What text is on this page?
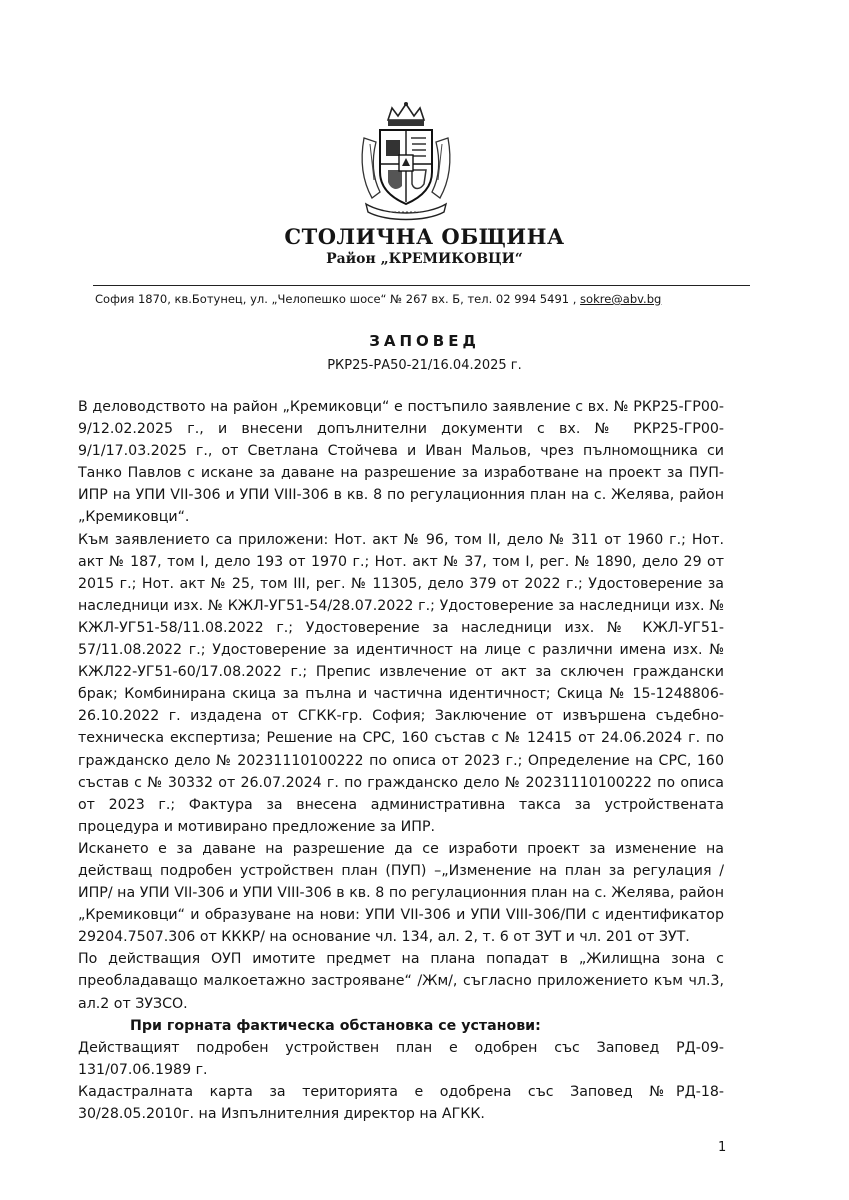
СТОЛИЧНА ОБЩИНА
Район „КРЕМИКОВЦИ“
София 1870, кв.Ботунец, ул. „Челопешко шосе“ № 267 вх. Б, тел. 02 994 5491 , sokre@abv.bg
ЗАПОВЕД
РКР25-РА50-21/16.04.2025 г.

В деловодството на район „Кремиковци“ е постъпило заявление с вх. № РКР25-ГР00-9/12.02.2025 г., и внесени допълнителни документи с вх. № РКР25-ГР00-9/1/17.03.2025 г., от Светлана Стойчева и Иван Мальов, чрез пълномощника си Танко Павлов с искане за даване на разрешение за изработване на проект за ПУП-ИПР на УПИ VII-306 и УПИ VIII-306 в кв. 8 по регулационния план на с. Желява, район „Кремиковци“.

Към заявлението са приложени: Нот. акт № 96, том II, дело № 311 от 1960 г.; Нот. акт № 187, том I, дело 193 от 1970 г.; Нот. акт № 37, том I, рег. № 1890, дело 29 от 2015 г.; Нот. акт № 25, том III, рег. № 11305, дело 379 от 2022 г.; Удостоверение за наследници изх. № КЖЛ-УГ51-54/28.07.2022 г.; Удостоверение за наследници изх. № КЖЛ-УГ51-58/11.08.2022 г.; Удостоверение за наследници изх. № КЖЛ-УГ51-57/11.08.2022 г.; Удостоверение за идентичност на лице с различни имена изх. № КЖЛ22-УГ51-60/17.08.2022 г.; Препис извлечение от акт за сключен граждански брак; Комбинирана скица за пълна и частична идентичност; Скица № 15-1248806-26.10.2022 г. издадена от СГКК-гр. София; Заключение от извършена съдебно-техническа експертиза; Решение на СРС, 160 състав с № 12415 от 24.06.2024 г. по гражданско дело № 20231110100222 по описа от 2023 г.; Определение на СРС, 160 състав с № 30332 от 26.07.2024 г. по гражданско дело № 20231110100222 по описа от 2023 г.; Фактура за внесена административна такса за устройствената процедура и мотивирано предложение за ИПР.

Искането е за даване на разрешение да се изработи проект за изменение на действащ подробен устройствен план (ПУП) –„Изменение на план за регулация /ИПР/ на УПИ VII-306 и УПИ VIII-306 в кв. 8 по регулационния план на с. Желява, район „Кремиковци“ и образуване на нови: УПИ VII-306 и УПИ VIII-306/ПИ с идентификатор 29204.7507.306 от КККР/ на основание чл. 134, ал. 2, т. 6 от ЗУТ и чл. 201 от ЗУТ.

По действащия ОУП имотите предмет на плана попадат в „Жилищна зона с преобладаващо малкоетажно застрояване“ /Жм/, съгласно приложението към чл.3, ал.2 от ЗУЗСО.

При горната фактическа обстановка се установи:

Действащият подробен устройствен план е одобрен със Заповед РД-09-131/07.06.1989 г.

Кадастралната карта за територията е одобрена със Заповед №РД-18-30/28.05.2010г. на Изпълнителния директор на АГКК.

1
